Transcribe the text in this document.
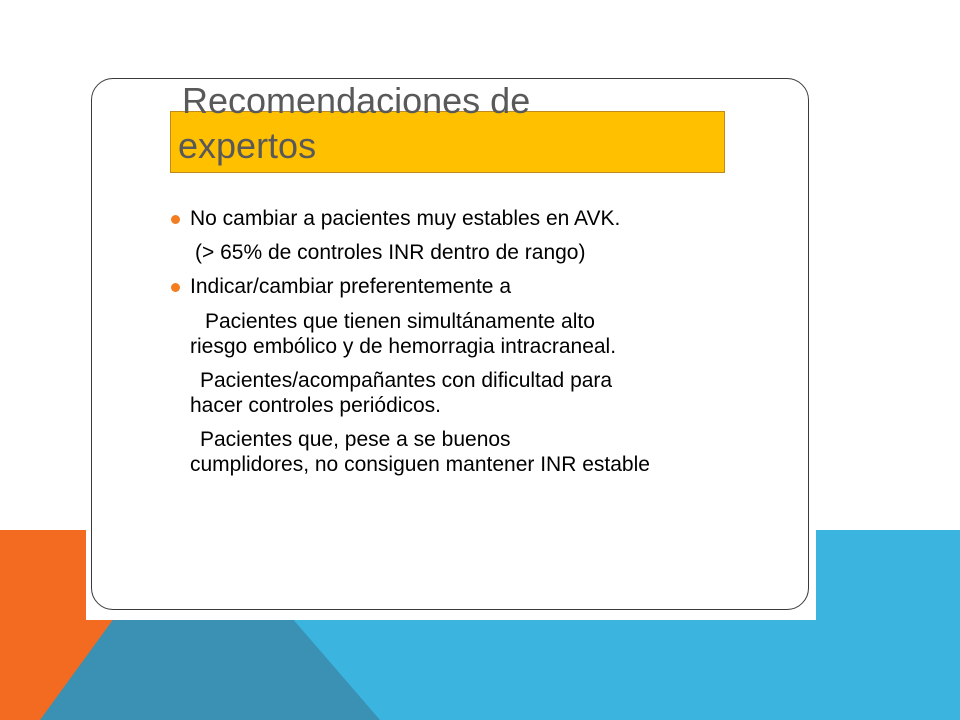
Recomendaciones de
expertos

No cambiar a pacientes muy estables en AVK.

(> 65% de controles INR dentro de rango)

Indicar/cambiar preferentemente a

Pacientes que tienen simultánamente alto

riesgo embólico y de hemorragia intracraneal.

Pacientes/acompañantes con dificultad para

hacer controles periódicos.

Pacientes que, pese a se buenos

cumplidores, no consiguen mantener INR estable
